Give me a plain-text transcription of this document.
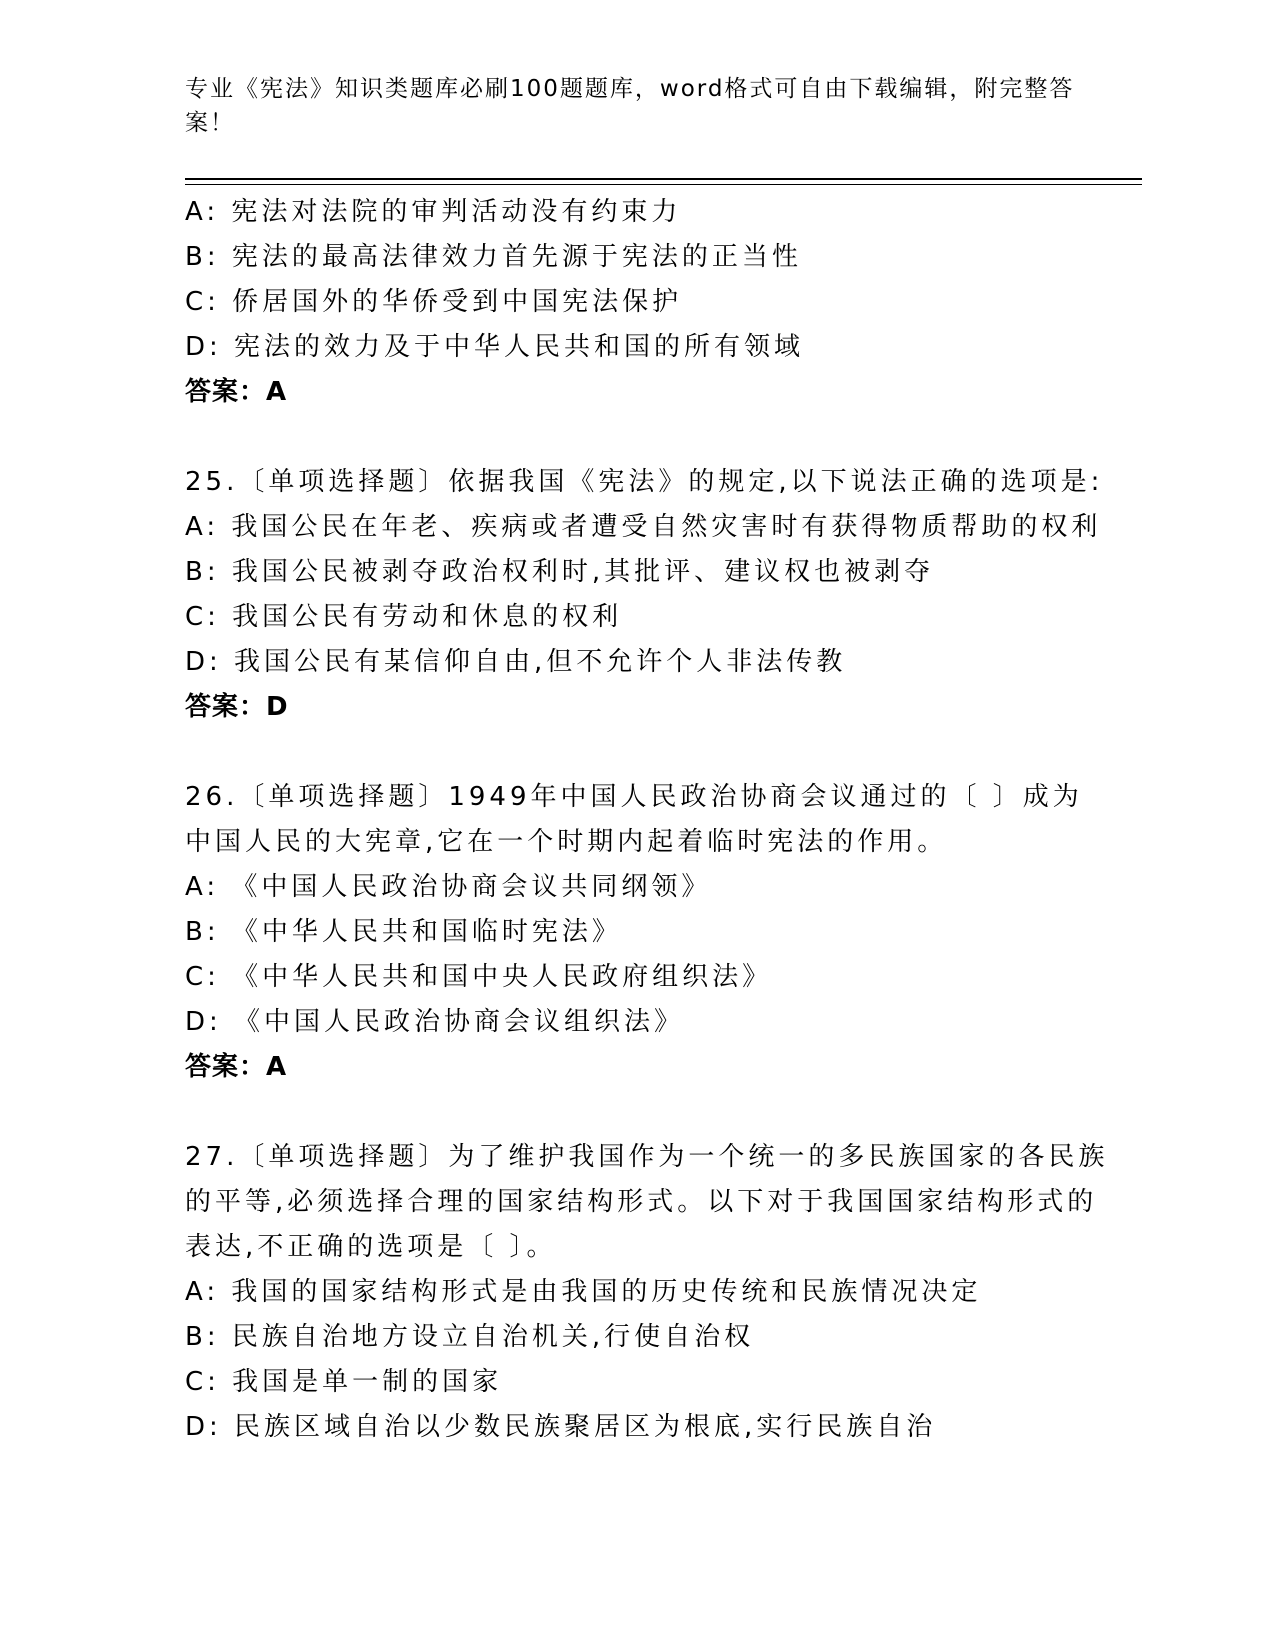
专业《宪法》知识类题库必刷100题题库，word格式可自由下载编辑，附完整答案！
A: 宪法对法院的审判活动没有约束力
B: 宪法的最高法律效力首先源于宪法的正当性
C: 侨居国外的华侨受到中国宪法保护
D: 宪法的效力及于中华人民共和国的所有领域
答案：A
25.〔单项选择题〕依据我国《宪法》的规定,以下说法正确的选项是:
A: 我国公民在年老、疾病或者遭受自然灾害时有获得物质帮助的权利
B: 我国公民被剥夺政治权利时,其批评、建议权也被剥夺
C: 我国公民有劳动和休息的权利
D: 我国公民有某信仰自由,但不允许个人非法传教
答案：D
26.〔单项选择题〕1949年中国人民政治协商会议通过的〔 〕成为
中国人民的大宪章,它在一个时期内起着临时宪法的作用。
A: 《中国人民政治协商会议共同纲领》
B: 《中华人民共和国临时宪法》
C: 《中华人民共和国中央人民政府组织法》
D: 《中国人民政治协商会议组织法》
答案：A
27.〔单项选择题〕为了维护我国作为一个统一的多民族国家的各民族
的平等,必须选择合理的国家结构形式。以下对于我国国家结构形式的
表达,不正确的选项是〔 〕。
A: 我国的国家结构形式是由我国的历史传统和民族情况决定
B: 民族自治地方设立自治机关,行使自治权
C: 我国是单一制的国家
D: 民族区域自治以少数民族聚居区为根底,实行民族自治
